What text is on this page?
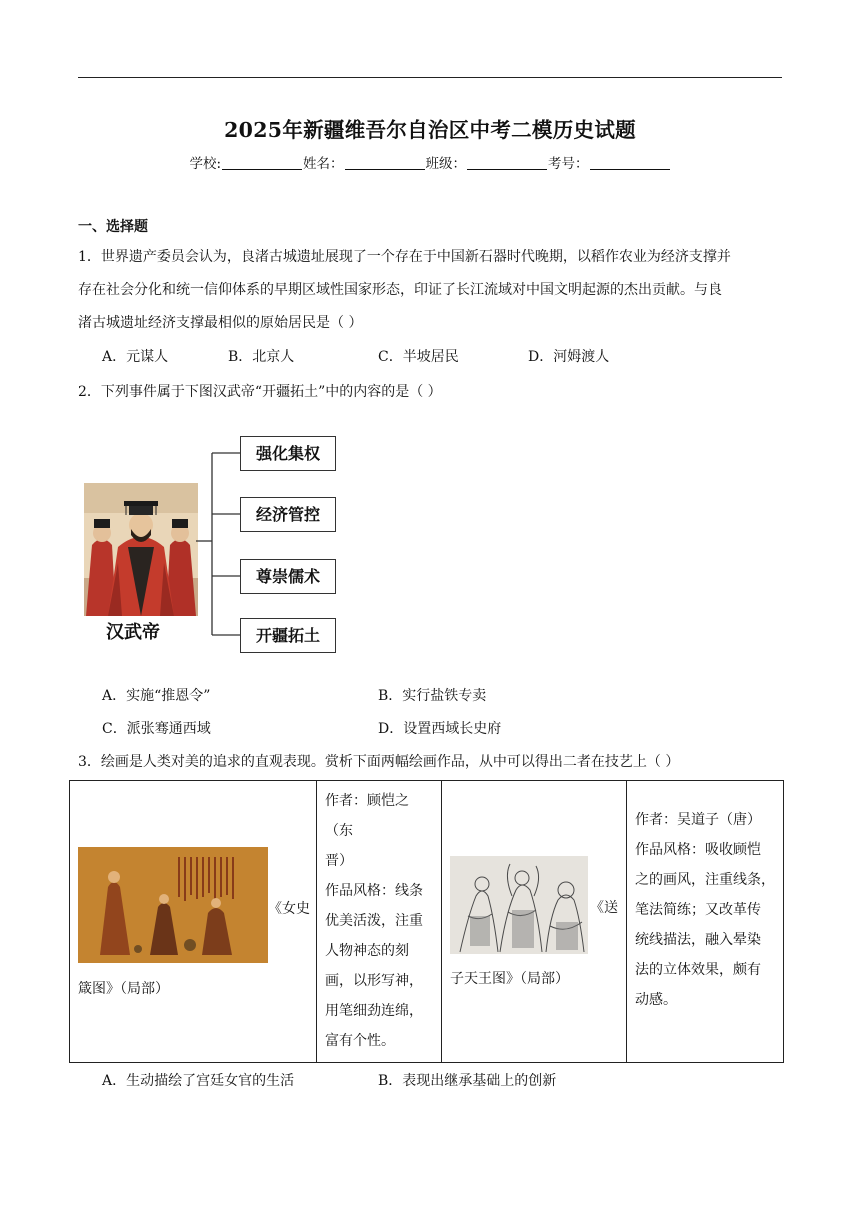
2025年新疆维吾尔自治区中考二模历史试题
学校:	姓名：	班级：	考号：
一、选择题
1．世界遗产委员会认为，良渚古城遗址展现了一个存在于中国新石器时代晚期，以稻作农业为经济支撑并
存在社会分化和统一信仰体系的早期区域性国家形态，印证了长江流域对中国文明起源的杰出贡献。与良
渚古城遗址经济支撑最相似的原始居民是（ ）
A．元谋人	B．北京人	C．半坡居民	D．河姆渡人
2．下列事件属于下图汉武帝“开疆拓土”中的内容的是（ ）
汉武帝
强化集权
经济管控
尊崇儒术
开疆拓土
A．实施“推恩令”	B．实行盐铁专卖
C．派张骞通西域	D．设置西域长史府
3．绘画是人类对美的追求的直观表现。赏析下面两幅绘画作品，从中可以得出二者在技艺上（ ）
《女史
箴图》（局部）

作者：顾恺之（东
晋）
作品风格：线条
优美活泼，注重
人物神态的刻
画，以形写神，
用笔细劲连绵，
富有个性。

《送
子天王图》（局部）

作者：吴道子（唐）
作品风格：吸收顾恺
之的画风，注重线条，
笔法简练；又改革传
统线描法，融入晕染
法的立体效果，颇有
动感。
A．生动描绘了宫廷女官的生活	B．表现出继承基础上的创新
